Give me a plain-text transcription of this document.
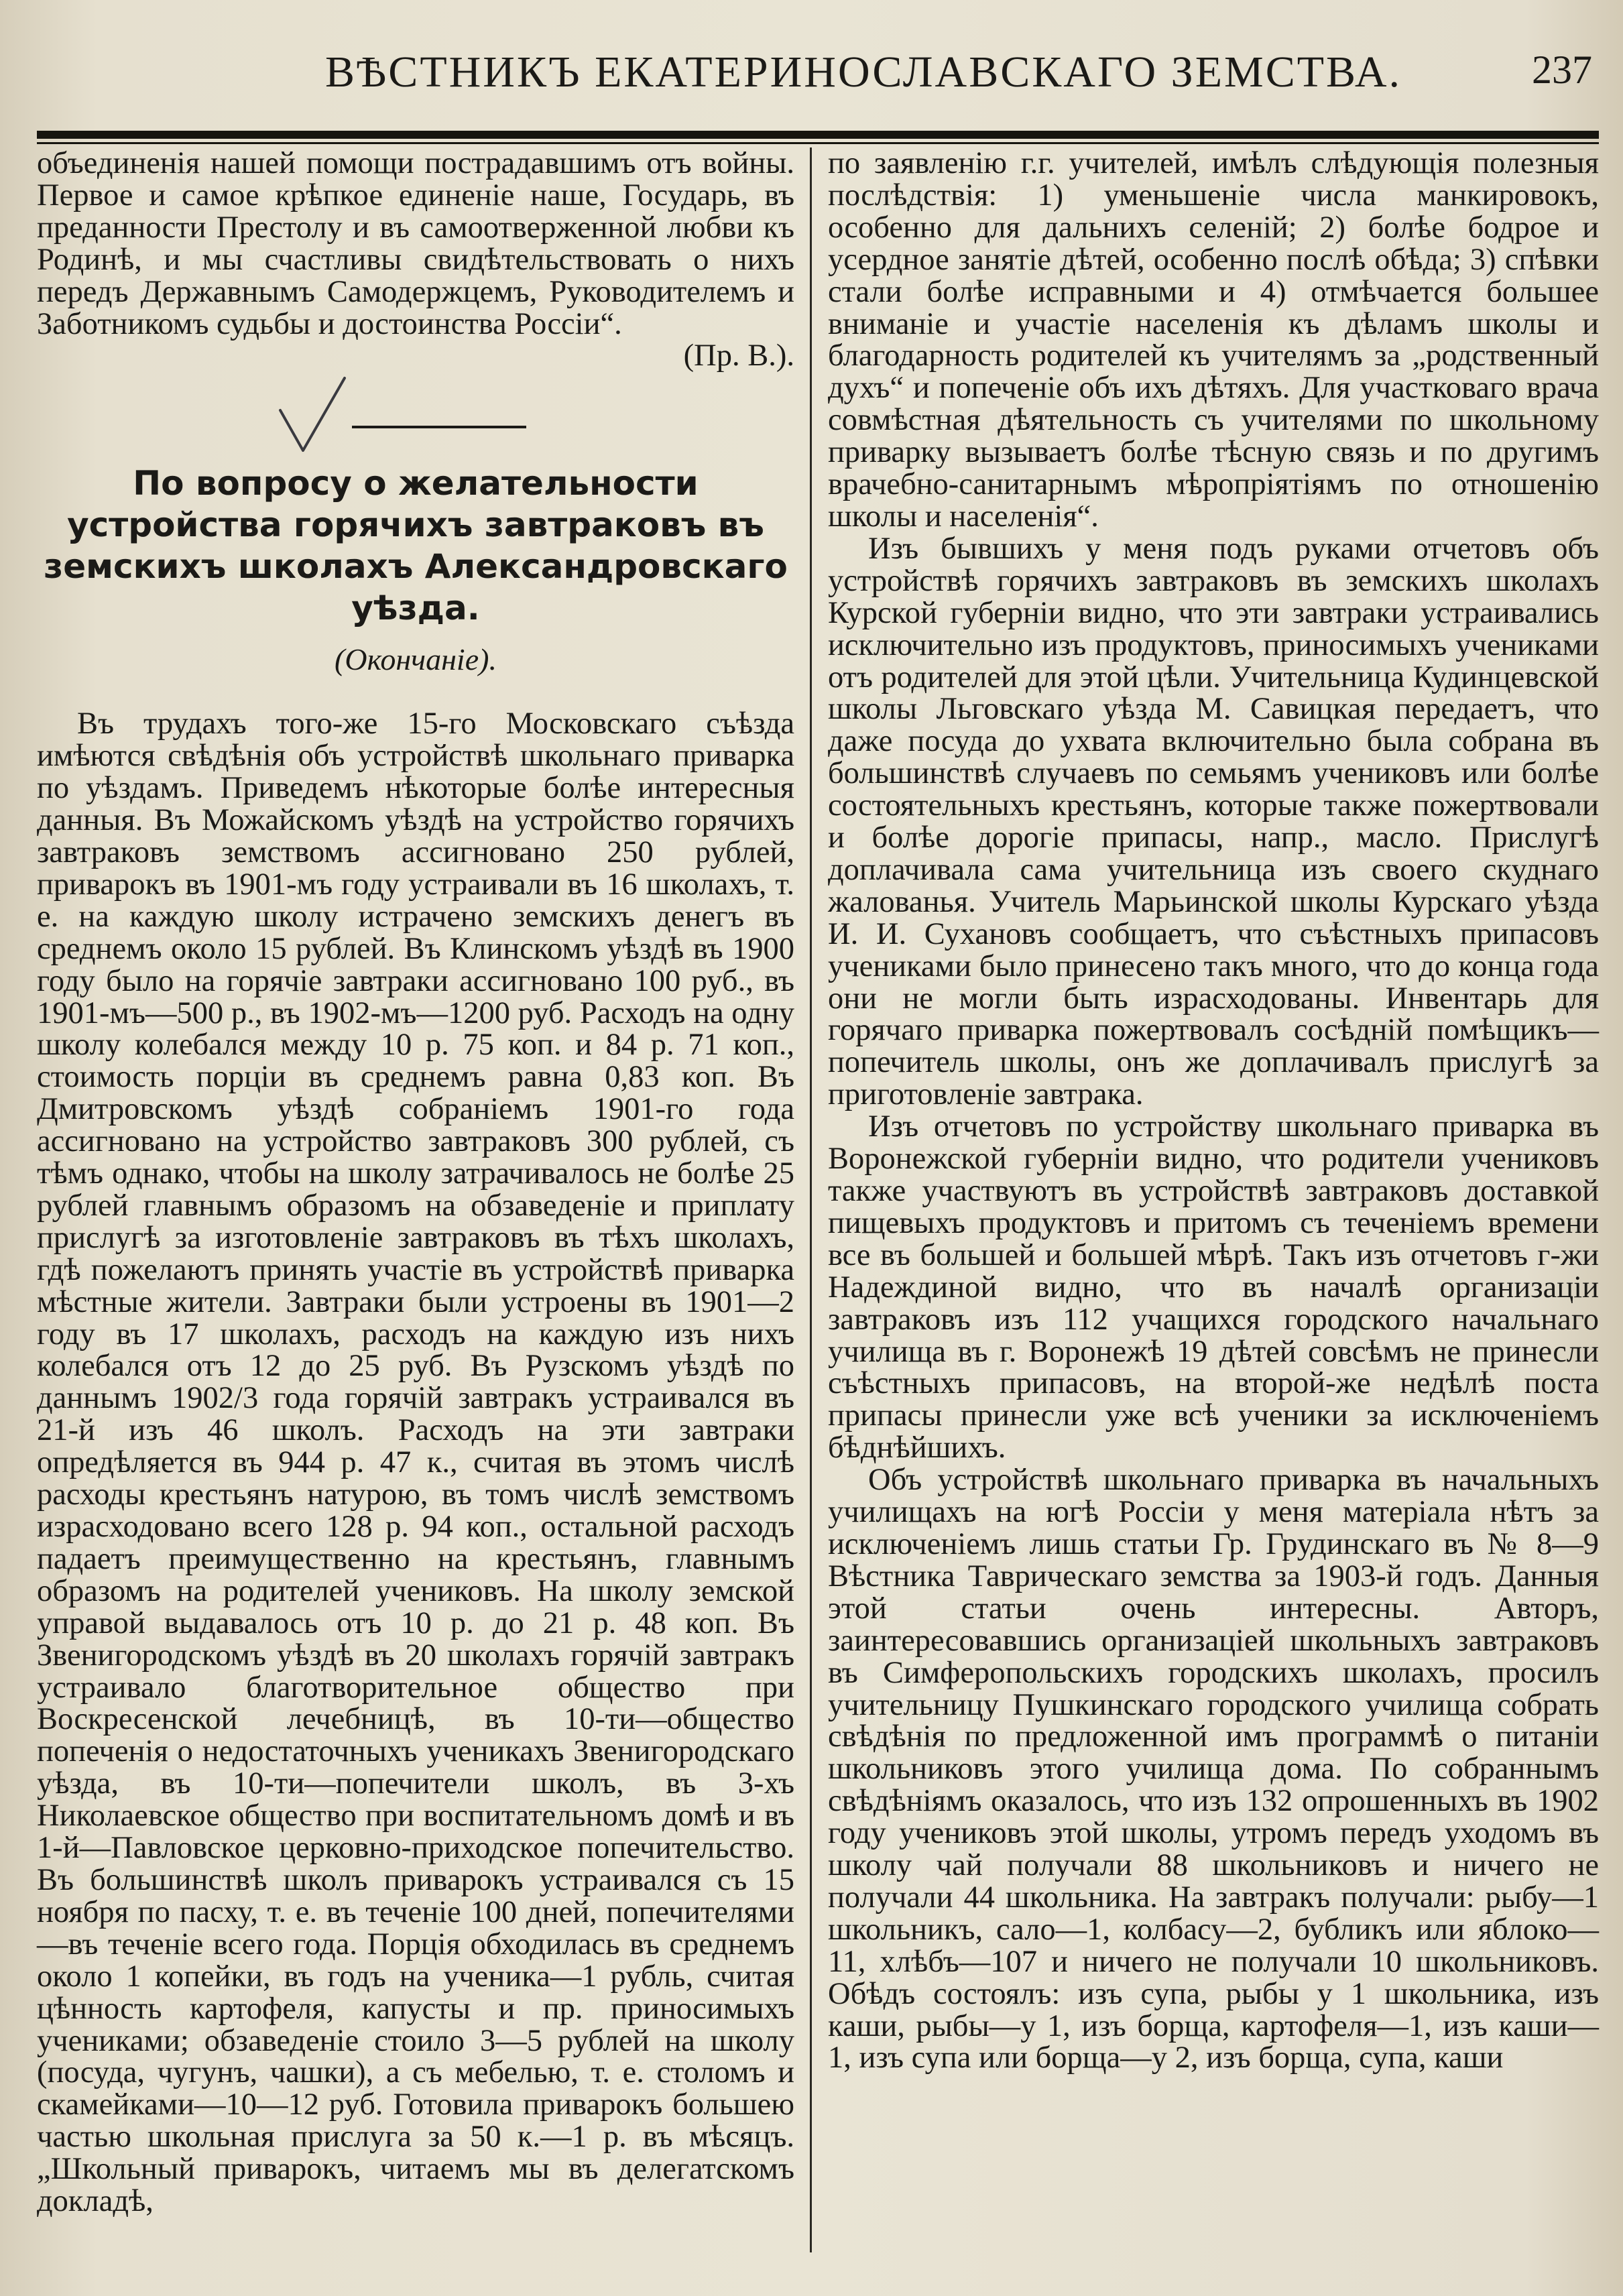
ВѢСТНИКЪ ЕКАТЕРИНОСЛАВСКАГО ЗЕМСТВА.	237

объединенія нашей помощи пострадавшимъ отъ войны. Первое и самое крѣпкое единеніе наше, Государь, въ преданности Престолу и въ самоотверженной любви къ Родинѣ, и мы счастливы свидѣтельствовать о нихъ передъ Державнымъ Самодержцемъ, Руководителемъ и Заботникомъ судьбы и достоинства Россіи“.

(Пр. В.).

По вопросу о желательности устройства горячихъ завтраковъ въ земскихъ школахъ Александровскаго уѣзда.
(Окончаніе).

Въ трудахъ того-же 15-го Московскаго съѣзда имѣются свѣдѣнія объ устройствѣ школьнаго приварка по уѣздамъ. Приведемъ нѣкоторые болѣе интересныя данныя. Въ Можайскомъ уѣздѣ на устройство горячихъ завтраковъ земствомъ ассигновано 250 рублей, приварокъ въ 1901-мъ году устраивали въ 16 школахъ, т. е. на каждую школу истрачено земскихъ денегъ въ среднемъ около 15 рублей. Въ Клинскомъ уѣздѣ въ 1900 году было на горячіе завтраки ассигновано 100 руб., въ 1901-мъ—500 р., въ 1902-мъ—1200 руб. Расходъ на одну школу колебался между 10 р. 75 коп. и 84 р. 71 коп., стоимость порціи въ среднемъ равна 0,83 коп. Въ Дмитровскомъ уѣздѣ собраніемъ 1901-го года ассигновано на устройство завтраковъ 300 рублей, съ тѣмъ однако, чтобы на школу затрачивалось не болѣе 25 рублей главнымъ образомъ на обзаведеніе и приплату прислугѣ за изготовленіе завтраковъ въ тѣхъ школахъ, гдѣ пожелаютъ принять участіе въ устройствѣ приварка мѣстные жители. Завтраки были устроены въ 1901—2 году въ 17 школахъ, расходъ на каждую изъ нихъ колебался отъ 12 до 25 руб. Въ Рузскомъ уѣздѣ по даннымъ 1902/3 года горячій завтракъ устраивался въ 21-й изъ 46 школъ. Расходъ на эти завтраки опредѣляется въ 944 р. 47 к., считая въ этомъ числѣ расходы крестьянъ натурою, въ томъ числѣ земствомъ израсходовано всего 128 р. 94 коп., остальной расходъ падаетъ преимущественно на крестьянъ, главнымъ образомъ на родителей учениковъ. На школу земской управой выдавалось отъ 10 р. до 21 р. 48 коп. Въ Звенигородскомъ уѣздѣ въ 20 школахъ горячій завтракъ устраивало благотворительное общество при Воскресенской лечебницѣ, въ 10-ти—общество попеченія о недостаточныхъ ученикахъ Звенигородскаго уѣзда, въ 10-ти—попечители школъ, въ 3-хъ Николаевское общество при воспитательномъ домѣ и въ 1-й—Павловское церковно-приходское попечительство. Въ большинствѣ школъ приварокъ устраивался съ 15 ноября по пасху, т. е. въ теченіе 100 дней, попечителями—въ теченіе всего года. Порція обходилась въ среднемъ около 1 копейки, въ годъ на ученика—1 рубль, считая цѣнность картофеля, капусты и пр. приносимыхъ учениками; обзаведеніе стоило 3—5 рублей на школу (посуда, чугунъ, чашки), а съ мебелью, т. е. столомъ и скамейками—10—12 руб. Готовила приварокъ большею частью школьная прислуга за 50 к.—1 р. въ мѣсяцъ. „Школьный приварокъ, читаемъ мы въ делегатскомъ докладѣ,

по заявленію г.г. учителей, имѣлъ слѣдующія полезныя послѣдствія: 1) уменьшеніе числа манкировокъ, особенно для дальнихъ селеній; 2) болѣе бодрое и усердное занятіе дѣтей, особенно послѣ обѣда; 3) спѣвки стали болѣе исправными и 4) отмѣчается большее вниманіе и участіе населенія къ дѣламъ школы и благодарность родителей къ учителямъ за „родственный духъ“ и попеченіе объ ихъ дѣтяхъ. Для участковаго врача совмѣстная дѣятельность съ учителями по школьному приварку вызываетъ болѣе тѣсную связь и по другимъ врачебно-санитарнымъ мѣропріятіямъ по отношенію школы и населенія“.

Изъ бывшихъ у меня подъ руками отчетовъ объ устройствѣ горячихъ завтраковъ въ земскихъ школахъ Курской губерніи видно, что эти завтраки устраивались исключительно изъ продуктовъ, приносимыхъ учениками отъ родителей для этой цѣли. Учительница Кудинцевской школы Льговскаго уѣзда М. Савицкая передаетъ, что даже посуда до ухвата включительно была собрана въ большинствѣ случаевъ по семьямъ учениковъ или болѣе состоятельныхъ крестьянъ, которые также пожертвовали и болѣе дорогіе припасы, напр., масло. Прислугѣ доплачивала сама учительница изъ своего скуднаго жалованья. Учитель Марьинской школы Курскаго уѣзда И. И. Сухановъ сообщаетъ, что съѣстныхъ припасовъ учениками было принесено такъ много, что до конца года они не могли быть израсходованы. Инвентарь для горячаго приварка пожертвовалъ сосѣдній помѣщикъ—попечитель школы, онъ же доплачивалъ прислугѣ за приготовленіе завтрака.

Изъ отчетовъ по устройству школьнаго приварка въ Воронежской губерніи видно, что родители учениковъ также участвуютъ въ устройствѣ завтраковъ доставкой пищевыхъ продуктовъ и притомъ съ теченіемъ времени все въ большей и большей мѣрѣ. Такъ изъ отчетовъ г-жи Надеждиной видно, что въ началѣ организаціи завтраковъ изъ 112 учащихся городского начальнаго училища въ г. Воронежѣ 19 дѣтей совсѣмъ не принесли съѣстныхъ припасовъ, на второй-же недѣлѣ поста припасы принесли уже всѣ ученики за исключеніемъ бѣднѣйшихъ.

Объ устройствѣ школьнаго приварка въ начальныхъ училищахъ на югѣ Россіи у меня матеріала нѣтъ за исключеніемъ лишь статьи Гр. Грудинскаго въ № 8—9 Вѣстника Таврическаго земства за 1903-й годъ. Данныя этой статьи очень интересны. Авторъ, заинтересовавшись организаціей школьныхъ завтраковъ въ Симферопольскихъ городскихъ школахъ, просилъ учительницу Пушкинскаго городского училища собрать свѣдѣнія по предложенной имъ программѣ о питаніи школьниковъ этого училища дома. По собраннымъ свѣдѣніямъ оказалось, что изъ 132 опрошенныхъ въ 1902 году учениковъ этой школы, утромъ передъ уходомъ въ школу чай получали 88 школьниковъ и ничего не получали 44 школьника. На завтракъ получали: рыбу—1 школьникъ, сало—1, колбасу—2, бубликъ или яблоко—11, хлѣбъ—107 и ничего не получали 10 школьниковъ. Обѣдъ состоялъ: изъ супа, рыбы у 1 школьника, изъ каши, рыбы—у 1, изъ борща, картофеля—1, изъ каши—1, изъ супа или борща—у 2, изъ борща, супа, каши
